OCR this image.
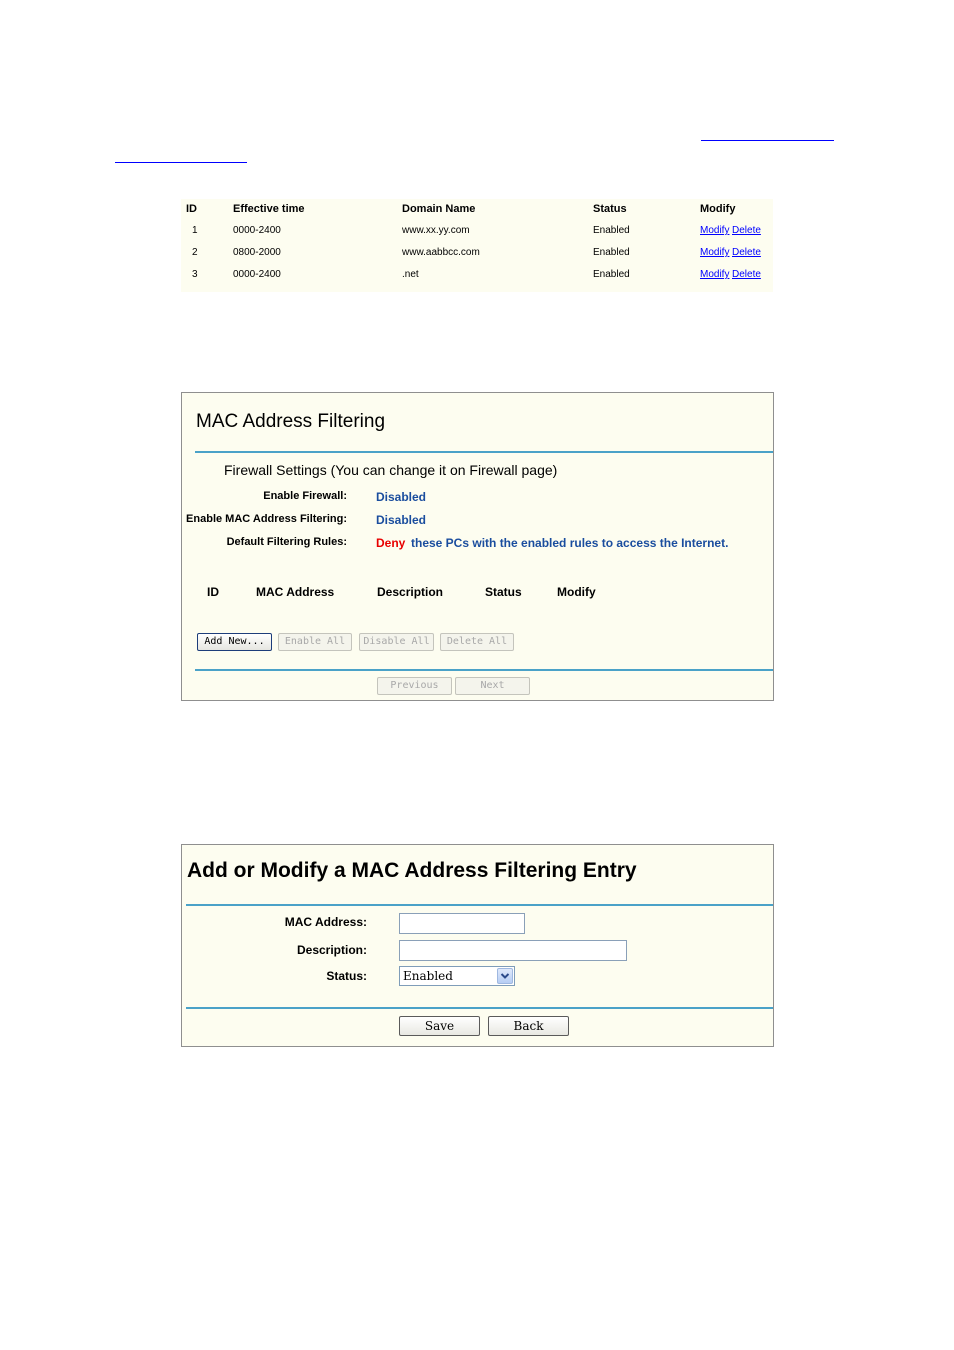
ID	Effective time	Domain Name	Status	Modify
1	0000-2400	www.xx.yy.com	Enabled	Modify Delete
2	0800-2000	www.aabbcc.com	Enabled	Modify Delete
3	0000-2400	.net	Enabled	Modify Delete
MAC Address Filtering
Firewall Settings (You can change it on Firewall page)
Enable Firewall: Disabled
Enable MAC Address Filtering: Disabled
Default Filtering Rules: Deny these PCs with the enabled rules to access the Internet.
ID	MAC Address	Description	Status	Modify
Add New...	Enable All	Disable All	Delete All
Previous	Next
Add or Modify a MAC Address Filtering Entry
MAC Address:
Description:
Status:	Enabled
Save	Back
